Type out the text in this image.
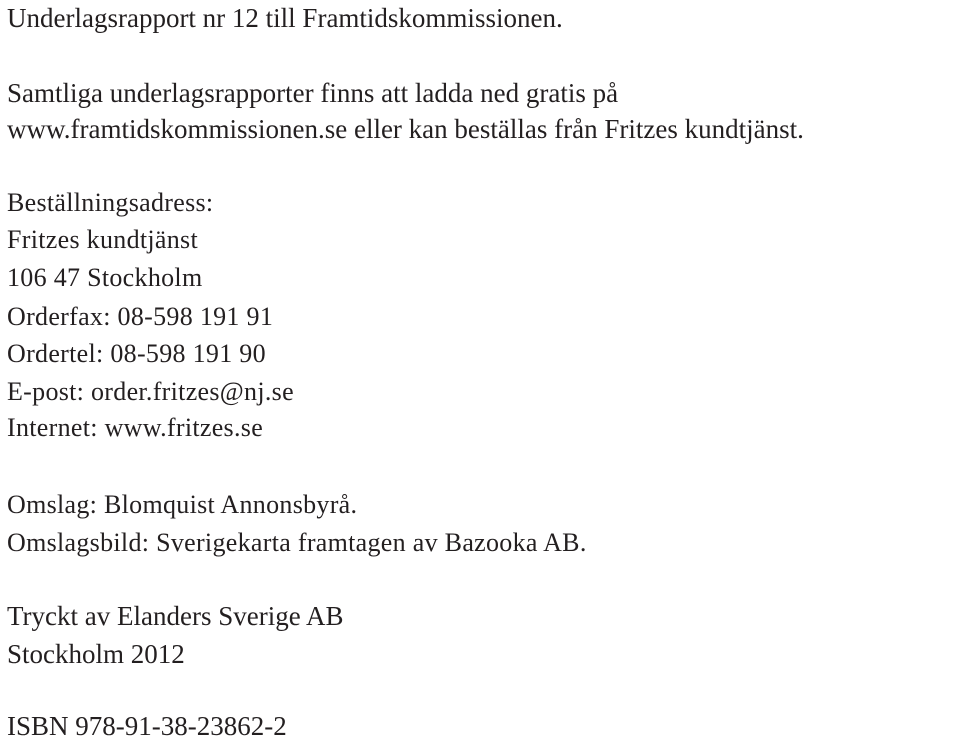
Underlagsrapport nr 12 till Framtidskommissionen.
Samtliga underlagsrapporter finns att ladda ned gratis på
www.framtidskommissionen.se eller kan beställas från Fritzes kundtjänst.
Beställningsadress:
Fritzes kundtjänst
106 47 Stockholm
Orderfax: 08-598 191 91
Ordertel: 08-598 191 90
E-post: order.fritzes@nj.se
Internet: www.fritzes.se
Omslag: Blomquist Annonsbyrå.
Omslagsbild: Sverigekarta framtagen av Bazooka AB.
Tryckt av Elanders Sverige AB
Stockholm 2012
ISBN 978-91-38-23862-2
